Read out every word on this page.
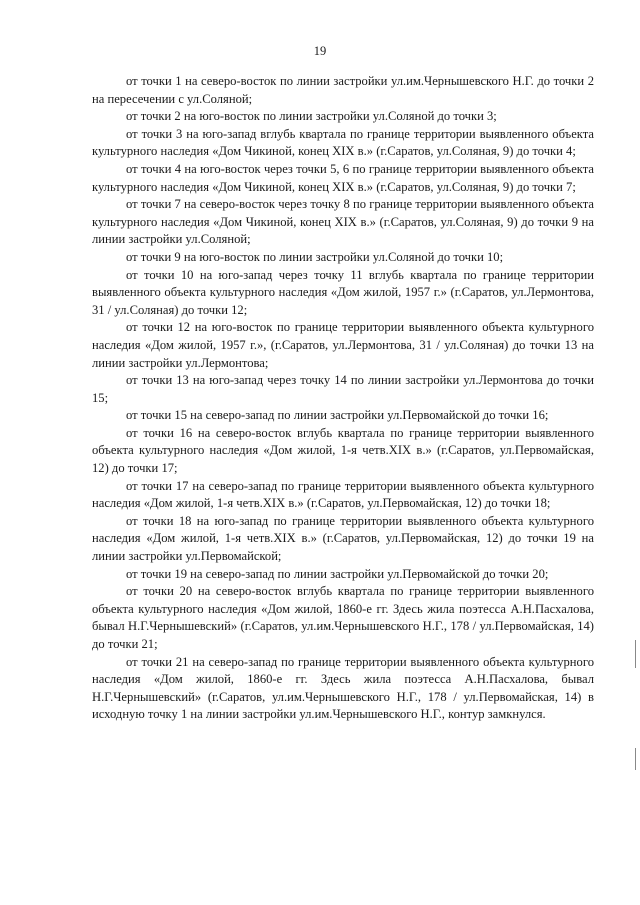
19

от точки 1 на северо-восток по линии застройки ул.им.Чернышевского Н.Г. до точки 2 на пересечении с ул.Соляной;

от точки 2 на юго-восток по линии застройки ул.Соляной до точки 3;

от точки 3 на юго-запад вглубь квартала по границе территории выявленного объекта культурного наследия «Дом Чикиной, конец XIX в.» (г.Саратов, ул.Соляная, 9) до точки 4;

от точки 4 на юго-восток через точки 5, 6 по границе территории выявленного объекта культурного наследия «Дом Чикиной, конец XIX в.» (г.Саратов, ул.Соляная, 9) до точки 7;

от точки 7 на северо-восток через точку 8 по границе территории выявленного объекта культурного наследия «Дом Чикиной, конец XIX в.» (г.Саратов, ул.Соляная, 9) до точки 9 на линии застройки ул.Соляной;

от точки 9 на юго-восток по линии застройки ул.Соляной до точки 10;

от точки 10 на юго-запад через точку 11 вглубь квартала по границе территории выявленного объекта культурного наследия «Дом жилой, 1957 г.» (г.Саратов, ул.Лермонтова, 31 / ул.Соляная) до точки 12;

от точки 12 на юго-восток по границе территории выявленного объекта культурного наследия «Дом жилой, 1957 г.», (г.Саратов, ул.Лермонтова, 31 / ул.Соляная) до точки 13 на линии застройки ул.Лермонтова;

от точки 13 на юго-запад через точку 14 по линии застройки ул.Лермонтова до точки 15;

от точки 15 на северо-запад по линии застройки ул.Первомайской до точки 16;

от точки 16 на северо-восток вглубь квартала по границе территории выявленного объекта культурного наследия «Дом жилой, 1-я четв.XIX в.» (г.Саратов, ул.Первомайская, 12) до точки 17;

от точки 17 на северо-запад по границе территории выявленного объекта культурного наследия «Дом жилой, 1-я четв.XIX в.» (г.Саратов, ул.Первомайская, 12) до точки 18;

от точки 18 на юго-запад по границе территории выявленного объекта культурного наследия «Дом жилой, 1-я четв.XIX в.» (г.Саратов, ул.Первомайская, 12) до точки 19 на линии застройки ул.Первомайской;

от точки 19 на северо-запад по линии застройки ул.Первомайской до точки 20;

от точки 20 на северо-восток вглубь квартала по границе территории выявленного объекта культурного наследия «Дом жилой, 1860-е гг. Здесь жила поэтесса А.Н.Пасхалова, бывал Н.Г.Чернышевский» (г.Саратов, ул.им.Чернышевского Н.Г., 178 / ул.Первомайская, 14) до точки 21;

от точки 21 на северо-запад по границе территории выявленного объекта культурного наследия «Дом жилой, 1860-е гг. Здесь жила поэтесса А.Н.Пасхалова, бывал Н.Г.Чернышевский» (г.Саратов, ул.им.Чернышевского Н.Г., 178 / ул.Первомайская, 14) в исходную точку 1 на линии застройки ул.им.Чернышевского Н.Г., контур замкнулся.
